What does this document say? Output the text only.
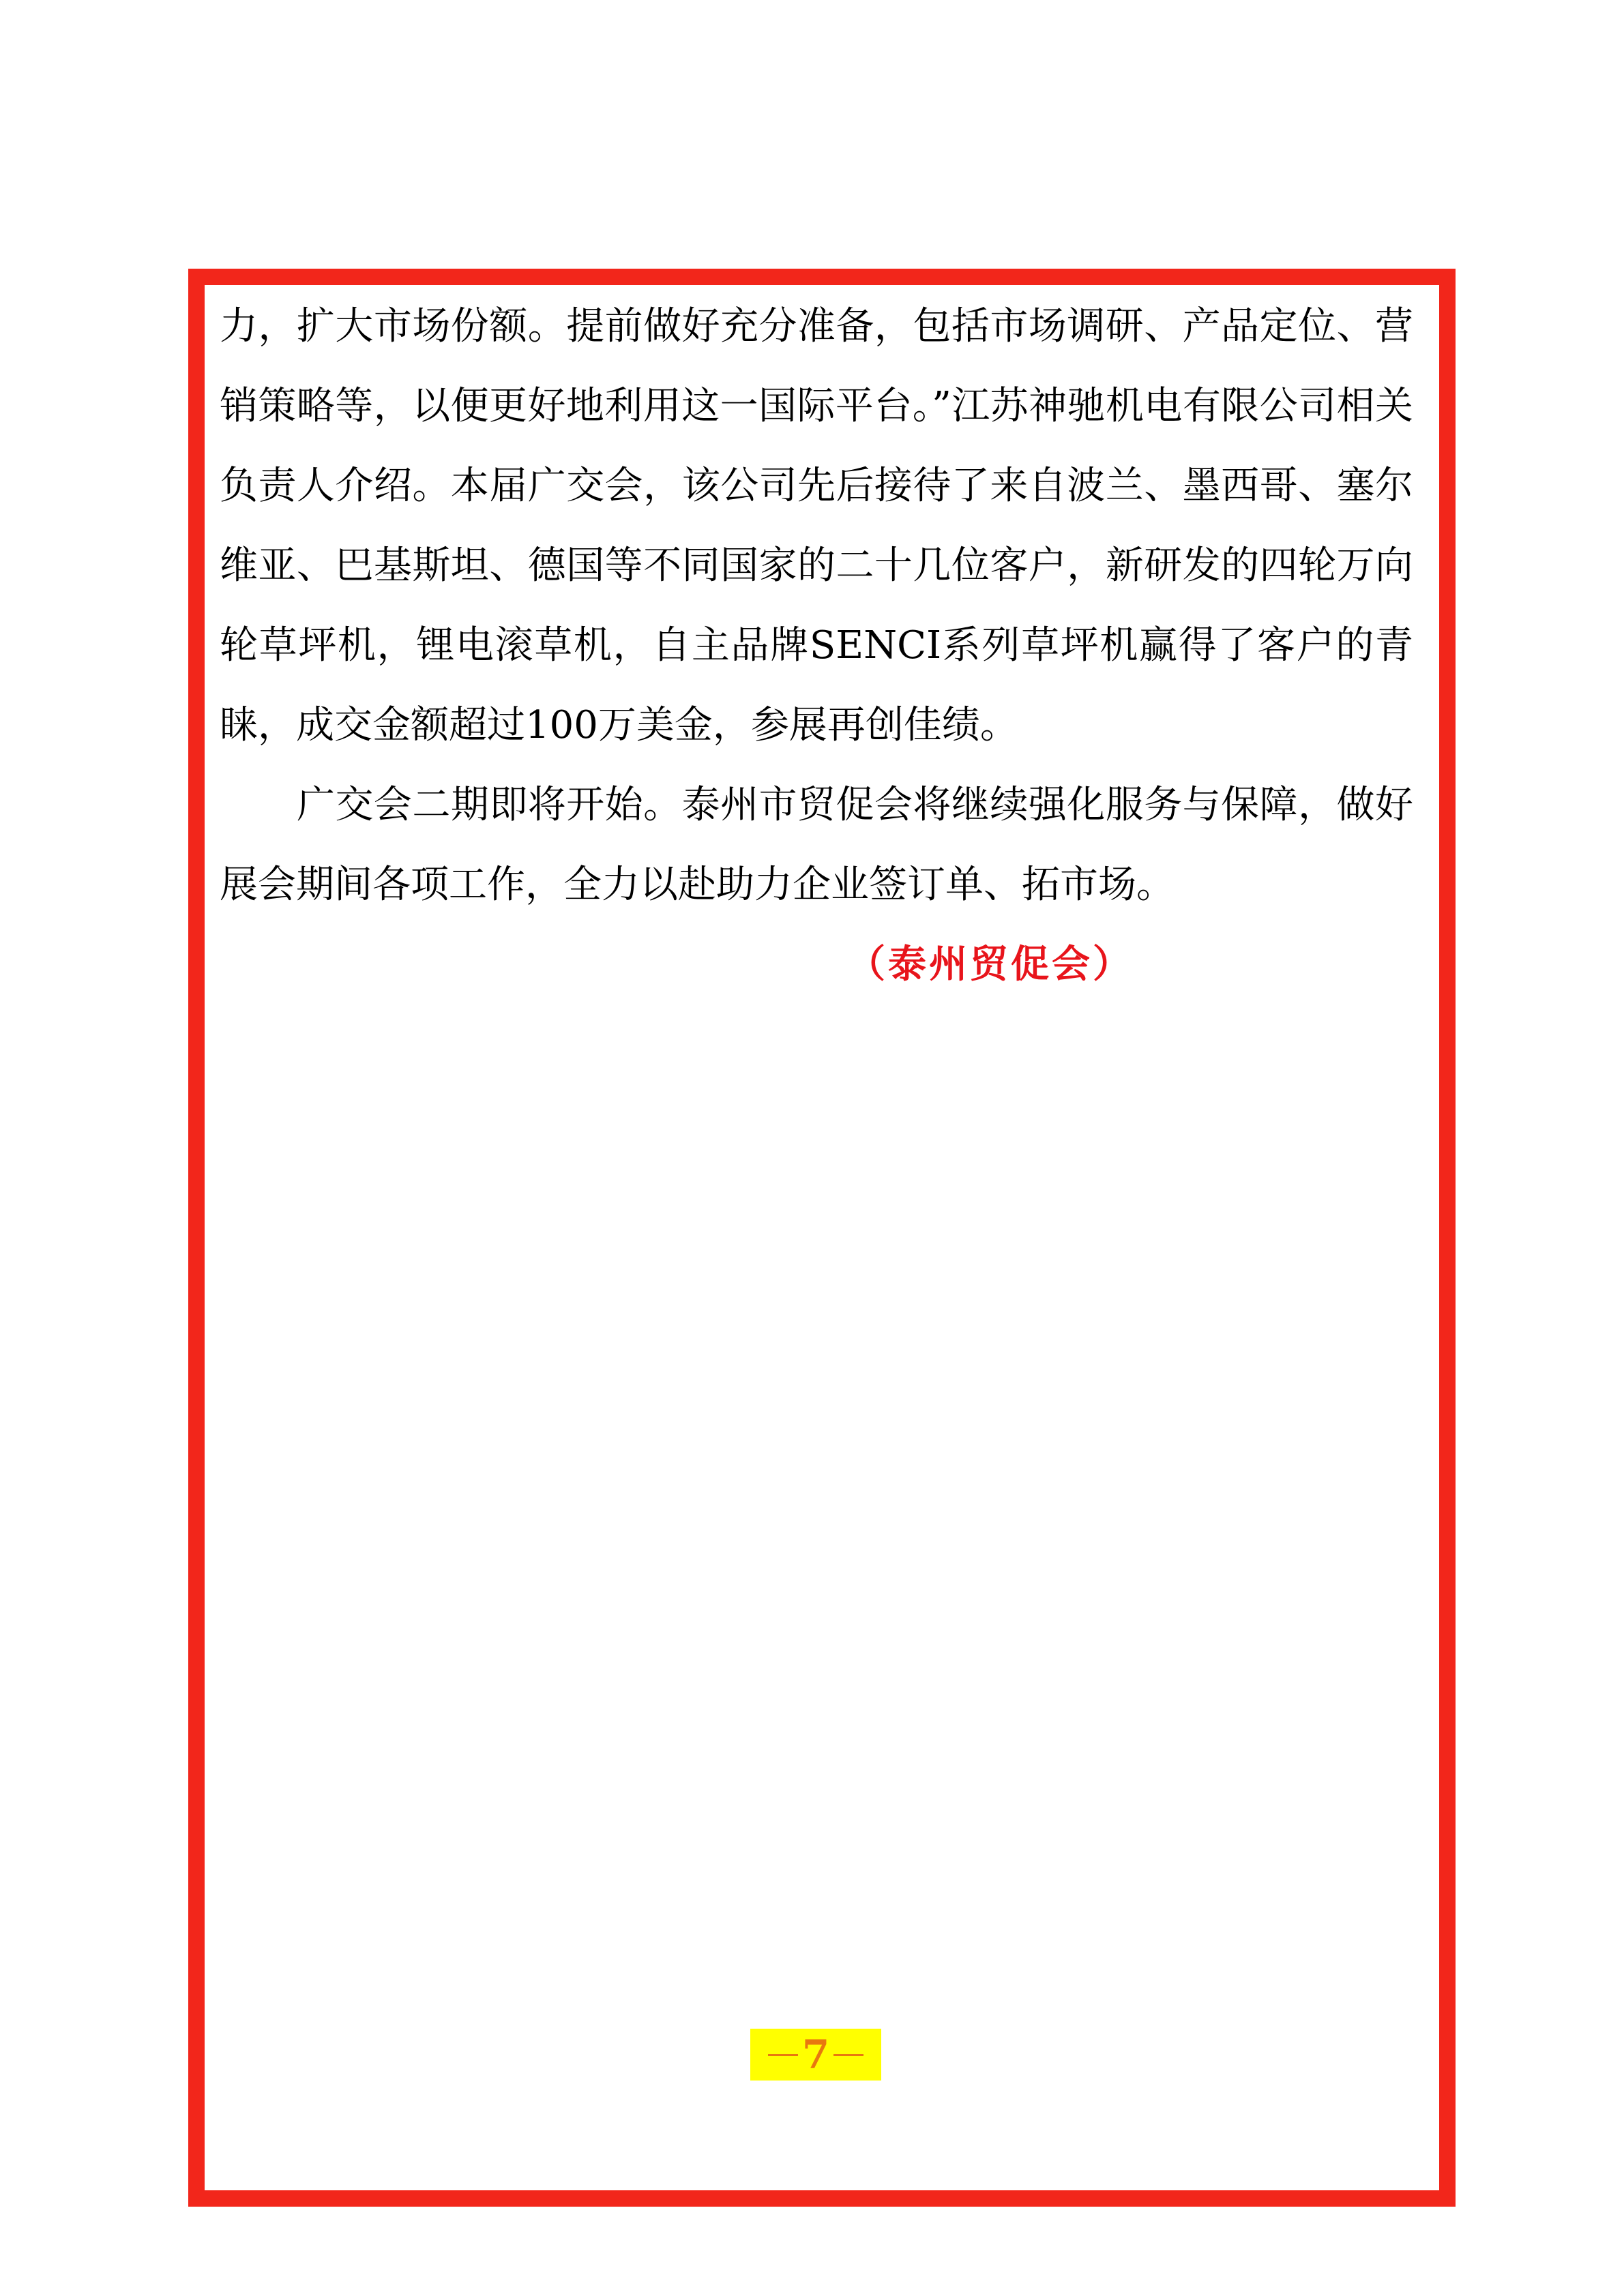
力，扩大市场份额。提前做好充分准备，包括市场调研、产品定位、营销策略等，以便更好地利用这一国际平台。”江苏神驰机电有限公司相关负责人介绍。本届广交会，该公司先后接待了来自波兰、墨西哥、塞尔维亚、巴基斯坦、德国等不同国家的二十几位客户，新研发的四轮万向轮草坪机，锂电滚草机，自主品牌SENCI系列草坪机赢得了客户的青睐，成交金额超过100万美金，参展再创佳绩。

广交会二期即将开始。泰州市贸促会将继续强化服务与保障，做好展会期间各项工作，全力以赴助力企业签订单、拓市场。

（泰州贸促会）

7
